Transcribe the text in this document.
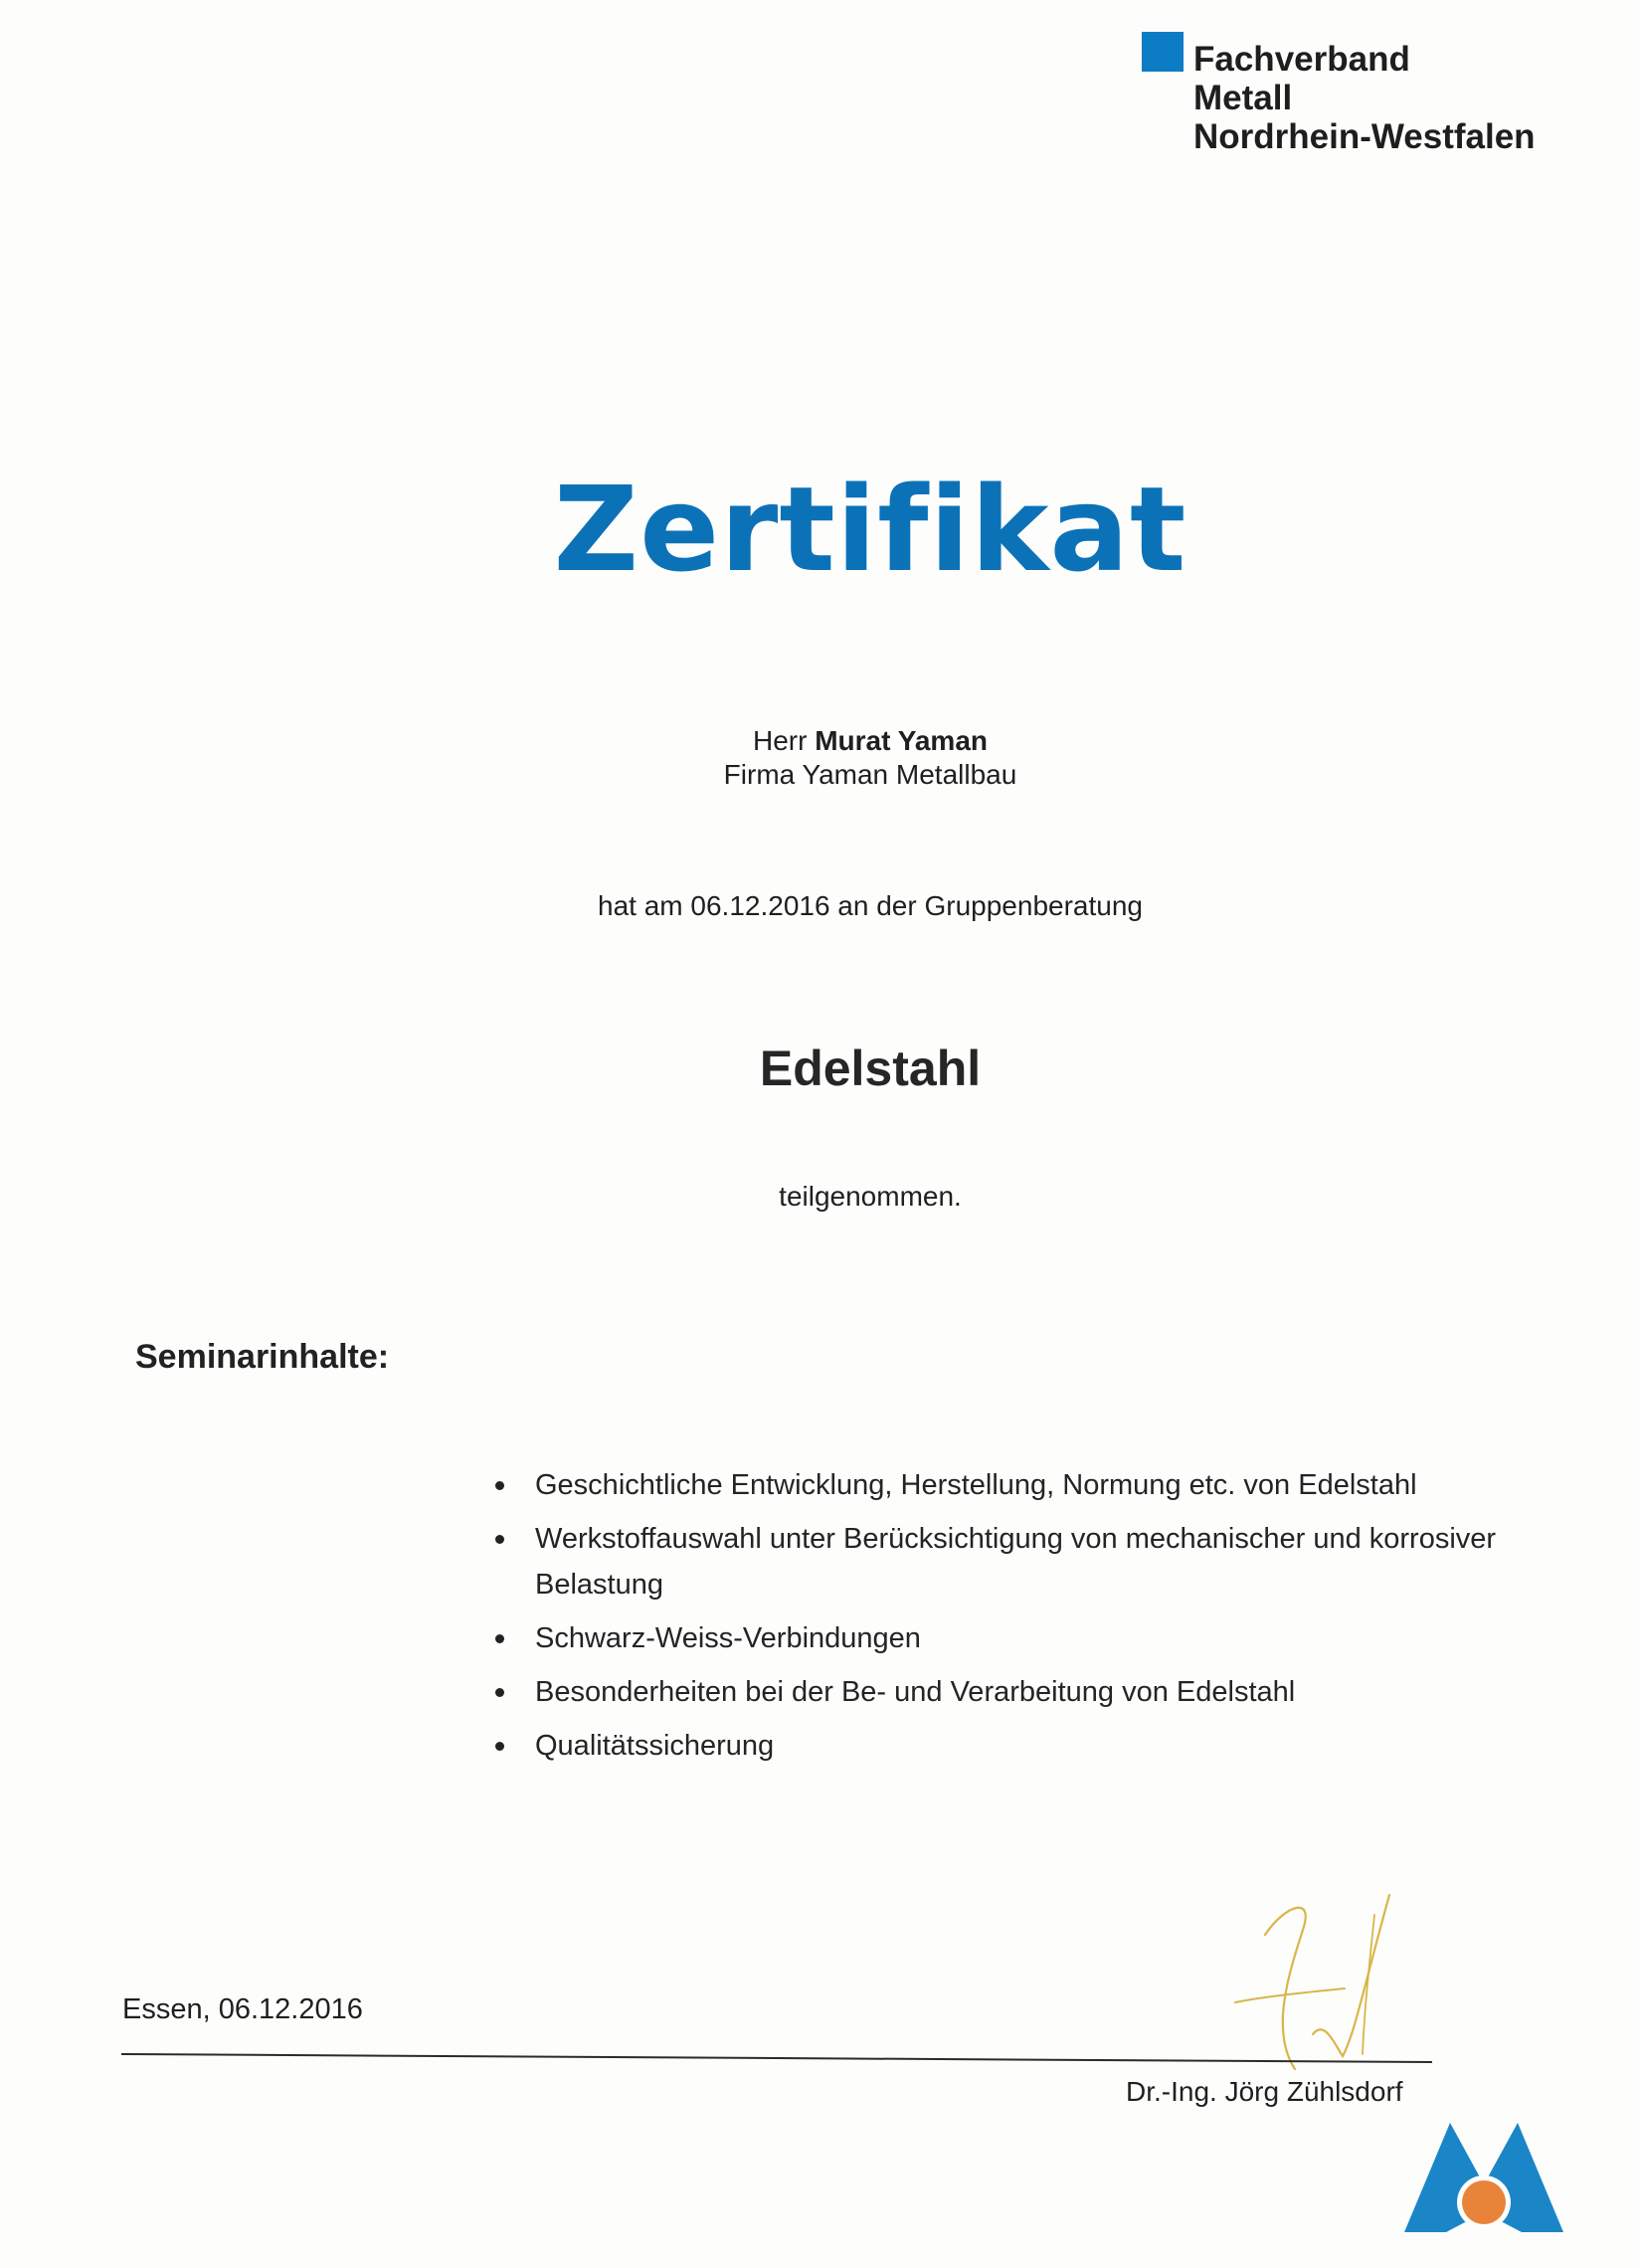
Fachverband
Metall
Nordrhein-Westfalen
Zertifikat
Herr Murat Yaman
Firma Yaman Metallbau
hat am 06.12.2016 an der Gruppenberatung
Edelstahl
teilgenommen.
Seminarinhalte:
Geschichtliche Entwicklung, Herstellung, Normung etc. von Edelstahl
Werkstoffauswahl unter Berücksichtigung von mechanischer und korrosiver Belastung
Schwarz-Weiss-Verbindungen
Besonderheiten bei der Be- und Verarbeitung von Edelstahl
Qualitätssicherung
Essen, 06.12.2016
Dr.-Ing. Jörg Zühlsdorf
